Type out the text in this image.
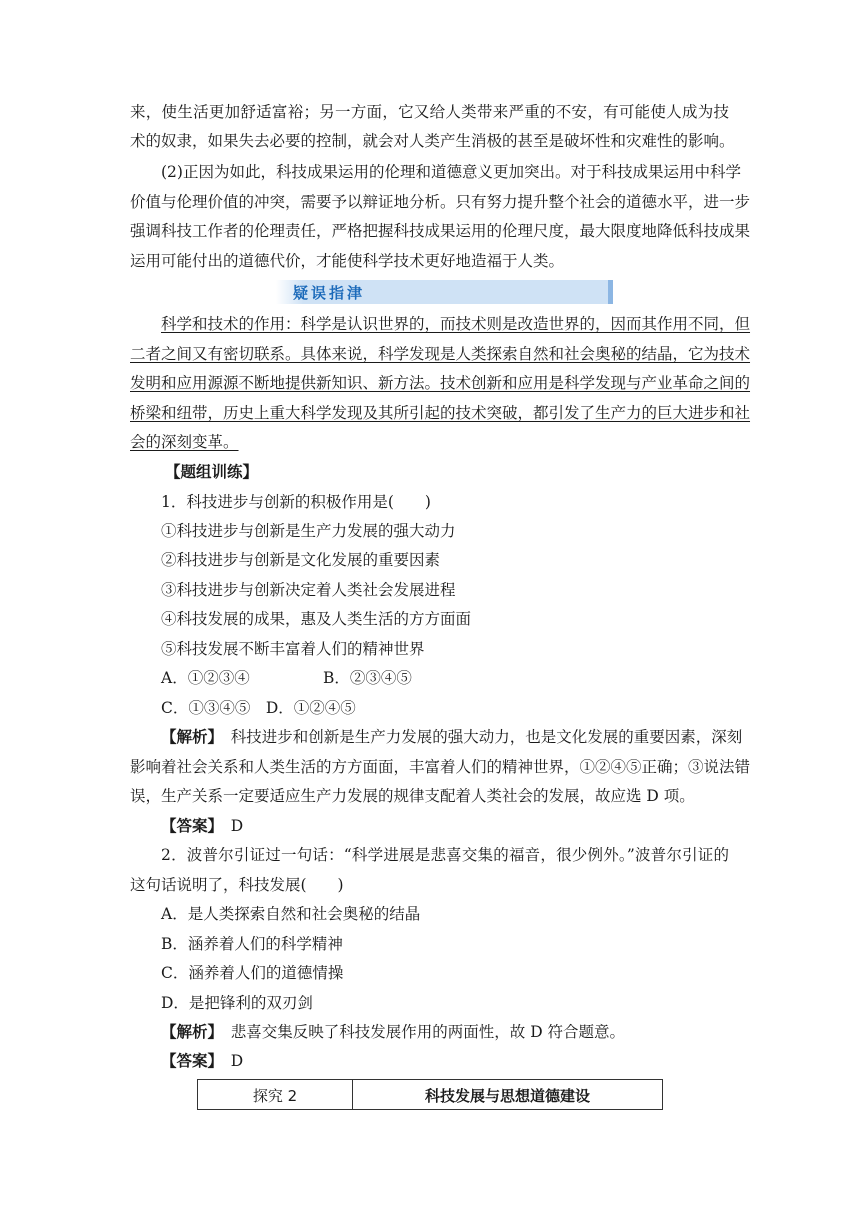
来，使生活更加舒适富裕；另一方面，它又给人类带来严重的不安，有可能使人成为技
术的奴隶，如果失去必要的控制，就会对人类产生消极的甚至是破坏性和灾难性的影响。
(2)正因为如此，科技成果运用的伦理和道德意义更加突出。对于科技成果运用中科学
价值与伦理价值的冲突，需要予以辩证地分析。只有努力提升整个社会的道德水平，进一步
强调科技工作者的伦理责任，严格把握科技成果运用的伦理尺度，最大限度地降低科技成果
运用可能付出的道德代价，才能使科学技术更好地造福于人类。
疑误指津
科学和技术的作用：科学是认识世界的，而技术则是改造世界的，因而其作用不同，但
二者之间又有密切联系。具体来说，科学发现是人类探索自然和社会奥秘的结晶，它为技术
发明和应用源源不断地提供新知识、新方法。技术创新和应用是科学发现与产业革命之间的
桥梁和纽带，历史上重大科学发现及其所引起的技术突破，都引发了生产力的巨大进步和社
会的深刻变革。
【题组训练】
1．科技进步与创新的积极作用是(　　)
①科技进步与创新是生产力发展的强大动力
②科技进步与创新是文化发展的重要因素
③科技进步与创新决定着人类社会发展进程
④科技发展的成果，惠及人类生活的方方面面
⑤科技发展不断丰富着人们的精神世界
A．①②③④	B．②③④⑤
C．①③④⑤　D．①②④⑤
【解析】　科技进步和创新是生产力发展的强大动力，也是文化发展的重要因素，深刻
影响着社会关系和人类生活的方方面面，丰富着人们的精神世界，①②④⑤正确；③说法错
误，生产关系一定要适应生产力发展的规律支配着人类社会的发展，故应选 D 项。
【答案】　D
2．波普尔引证过一句话：“科学进展是悲喜交集的福音，很少例外。”波普尔引证的
这句话说明了，科技发展(　　)
A．是人类探索自然和社会奥秘的结晶
B．涵养着人们的科学精神
C．涵养着人们的道德情操
D．是把锋利的双刃剑
【解析】　悲喜交集反映了科技发展作用的两面性，故 D 符合题意。
【答案】　D
探究 2	科技发展与思想道德建设
